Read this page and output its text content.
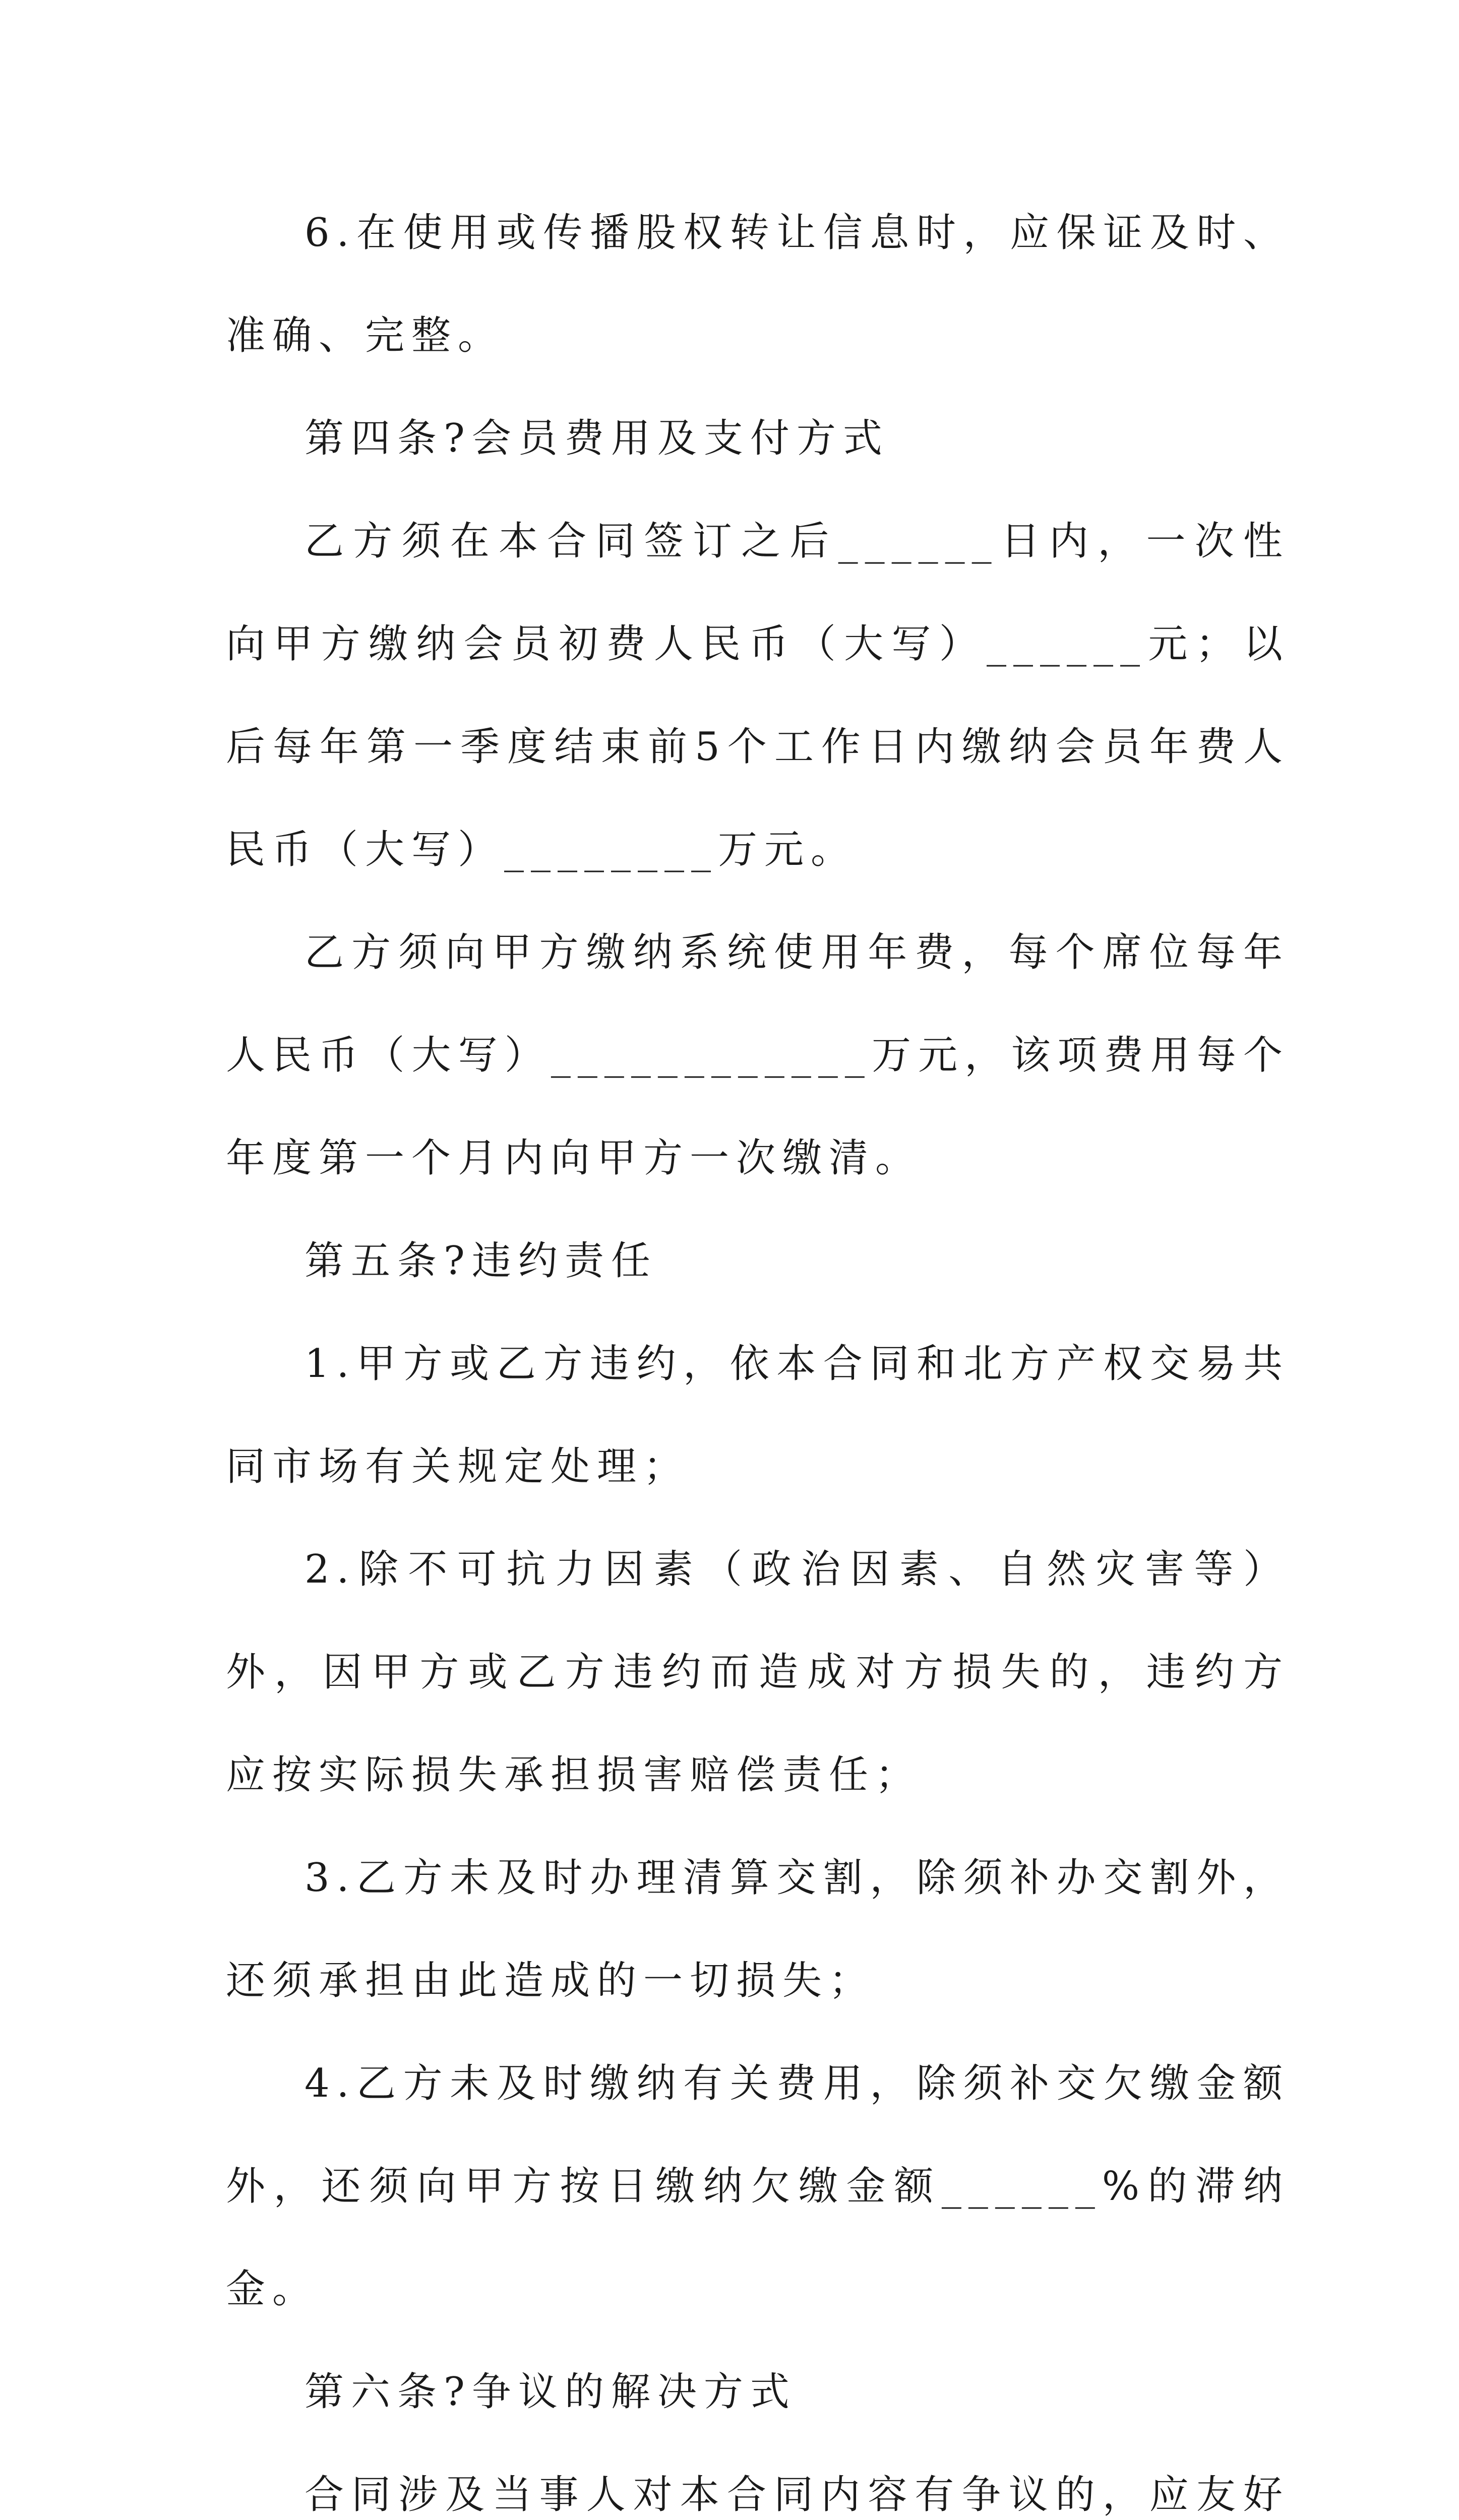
6.在使用或传播股权转让信息时，应保证及时、准确、完整。

第四条?会员费用及支付方式

乙方须在本合同签订之后______日内，一次性向甲方缴纳会员初费人民币（大写）______元；以后每年第一季度结束前5个工作日内缴纳会员年费人民币（大写）________万元。

乙方须向甲方缴纳系统使用年费，每个席位每年人民币（大写）____________万元，该项费用每个年度第一个月内向甲方一次缴清。

第五条?违约责任

1.甲方或乙方违约，依本合同和北方产权交易共同市场有关规定处理；

2.除不可抗力因素（政治因素、自然灾害等）外，因甲方或乙方违约而造成对方损失的，违约方应按实际损失承担损害赔偿责任；

3.乙方未及时办理清算交割，除须补办交割外，还须承担由此造成的一切损失；

4.乙方未及时缴纳有关费用，除须补交欠缴金额外，还须向甲方按日缴纳欠缴金额______%的滞纳金。

第六条?争议的解决方式

合同涉及当事人对本合同内容有争议的，应友好
